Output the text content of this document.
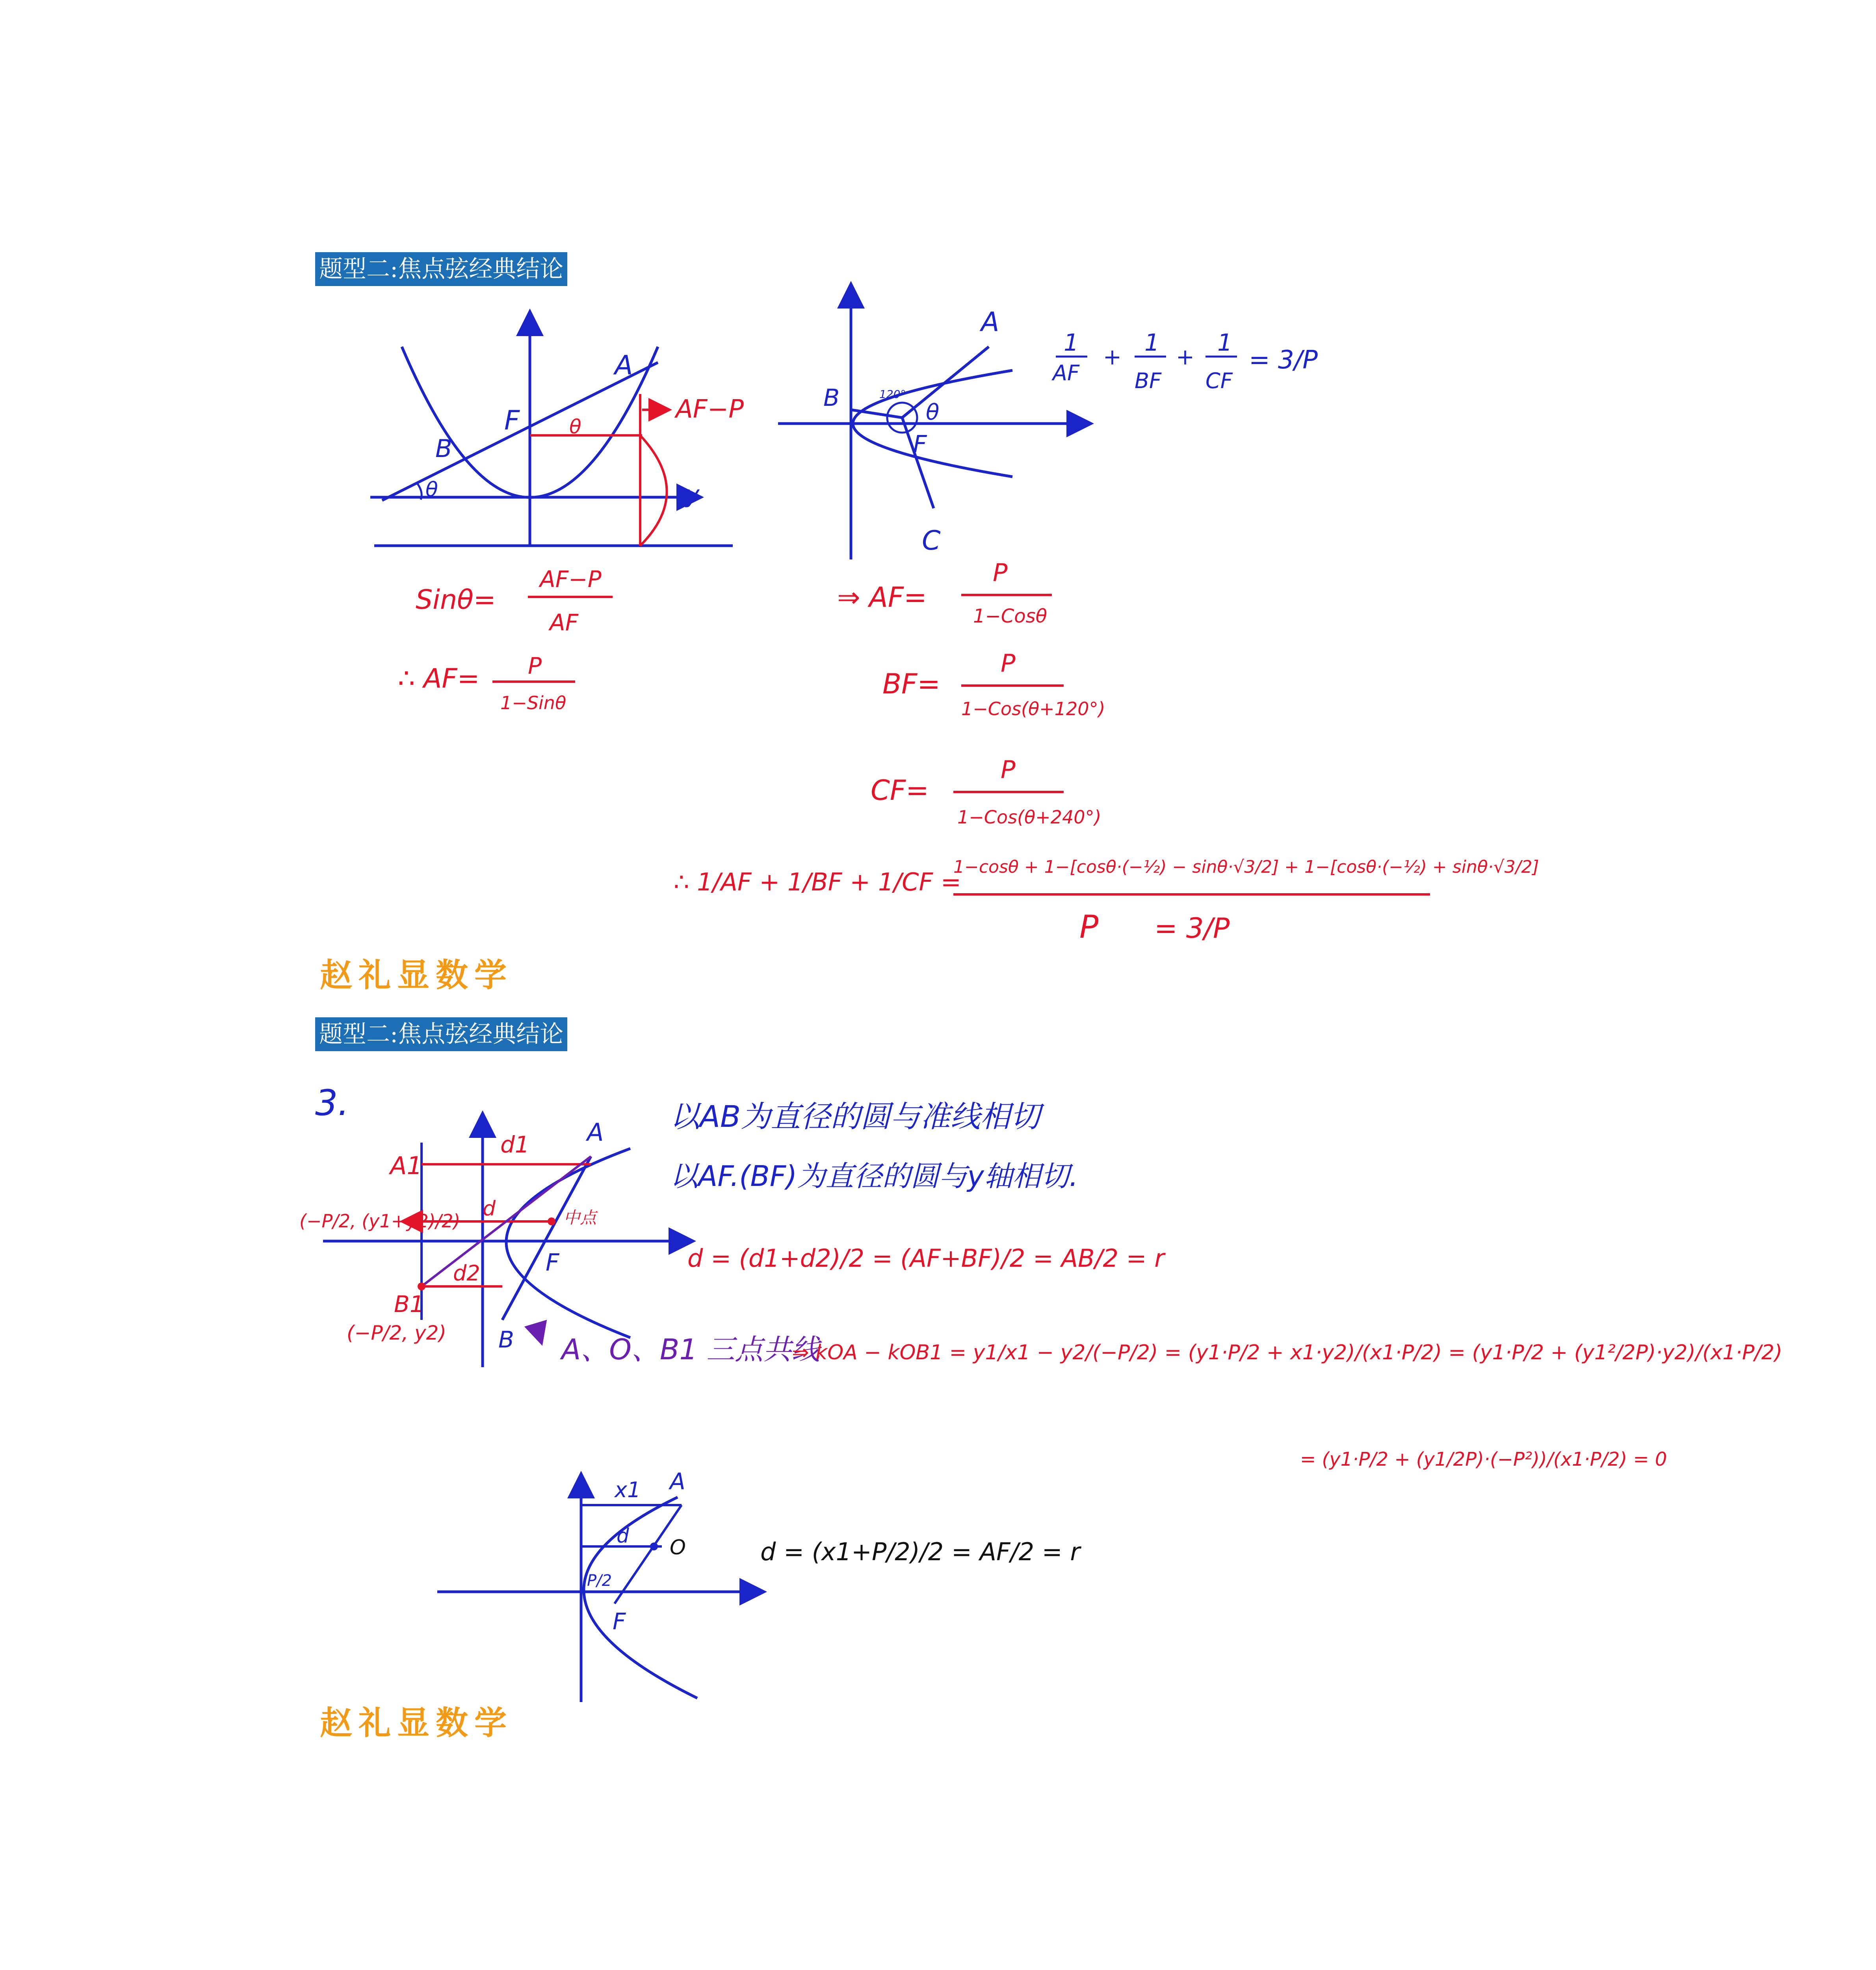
题型二:焦点弦经典结论
题型二:焦点弦经典结论
赵礼显数学
赵礼显数学
A
F
B
θ
θ	y
AF−P
Sinθ=
AF−P
AF
∴ AF= P
1−Sinθ
A
B
C
F
120°
θ
1
AF
+
1
BF
+
1
CF
= 3/P
⇒ AF=
P
1−Cosθ
BF=
P
1−Cos(θ+120°)
CF=
P
1−Cos(θ+240°)
∴ 1/AF + 1/BF + 1/CF =
1−cosθ + 1−[cosθ·(−½) − sinθ·√3/2] + 1−[cosθ·(−½) + sinθ·√3/2]
P = 3/P
3.
A
A1
B
B1
F
d1
d2
d	中点
(−P/2, (y1+y2)/2)
(−P/2, y2)
以AB为直径的圆与准线相切
以AF.(BF)为直径的圆与y轴相切.
d = (d1+d2)/2 = (AF+BF)/2 = AB/2 = r
A、O、B1 三点共线
⇒ kOA − kOB1 = y1/x1 − y2/(−P/2) = (y1·P/2 + x1·y2)/(x1·P/2) = (y1·P/2 + (y1²/2P)·y2)/(x1·P/2)
= (y1·P/2 + (y1/2P)·(−P²))/(x1·P/2) = 0
A
F
O
x1
d
P/2
d = (x1+P/2)/2 = AF/2 = r
